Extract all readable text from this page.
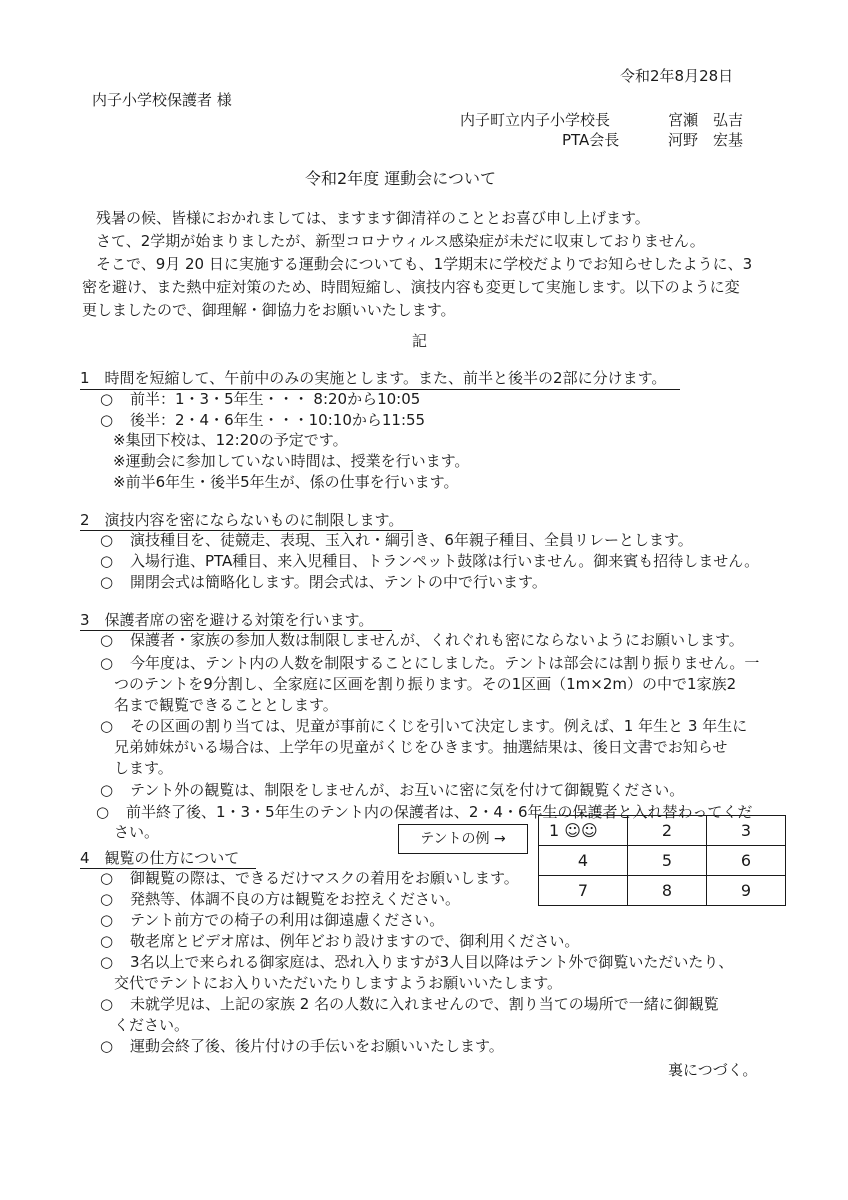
令和2年8月28日
内子小学校保護者 様
内子町立内子小学校長	宮瀬　弘吉
PTA会長	河野　宏基
令和2年度 運動会について
残暑の候、皆様におかれましては、ますます御清祥のこととお喜び申し上げます。
さて、2学期が始まりましたが、新型コロナウィルス感染症が未だに収束しておりません。
そこで、9月 20 日に実施する運動会についても、1学期末に学校だよりでお知らせしたように、3
密を避け、また熱中症対策のため、時間短縮し、演技内容も変更して実施します。以下のように変
更しましたので、御理解・御協力をお願いいたします。
記
1　時間を短縮して、午前中のみの実施とします。また、前半と後半の2部に分けます。
○ 前半：1・3・5年生・・・ 8:20から10:05
○ 後半：2・4・6年生・・・10:10から11:55
※集団下校は、12:20の予定です。
※運動会に参加していない時間は、授業を行います。
※前半6年生・後半5年生が、係の仕事を行います。
2　演技内容を密にならないものに制限します。
○ 演技種目を、徒競走、表現、玉入れ・綱引き、6年親子種目、全員リレーとします。
○ 入場行進、PTA種目、来入児種目、トランペット鼓隊は行いません。御来賓も招待しません。
○ 開閉会式は簡略化します。閉会式は、テントの中で行います。
3　保護者席の密を避ける対策を行います。
○ 保護者・家族の参加人数は制限しませんが、くれぐれも密にならないようにお願いします。
○ 今年度は、テント内の人数を制限することにしました。テントは部会には割り振りません。一
つのテントを9分割し、全家庭に区画を割り振ります。その1区画（1m×2m）の中で1家族2
名まで観覧できることとします。
○ その区画の割り当ては、児童が事前にくじを引いて決定します。例えば、1 年生と 3 年生に
兄弟姉妹がいる場合は、上学年の児童がくじをひきます。抽選結果は、後日文書でお知らせ
します。
○ テント外の観覧は、制限をしませんが、お互いに密に気を付けて御観覧ください。
○ 前半終了後、1・3・5年生のテント内の保護者は、2・4・6年生の保護者と入れ替わってくだ
さい。	テントの例 →	1 ☺☺	2	3
4	5	6
7	8	9
4　観覧の仕方について
○ 御観覧の際は、できるだけマスクの着用をお願いします。
○ 発熱等、体調不良の方は観覧をお控えください。
○ テント前方での椅子の利用は御遠慮ください。
○ 敬老席とビデオ席は、例年どおり設けますので、御利用ください。
○ 3名以上で来られる御家庭は、恐れ入りますが3人目以降はテント外で御覧いただいたり、
交代でテントにお入りいただいたりしますようお願いいたします。
○ 未就学児は、上記の家族 2 名の人数に入れませんので、割り当ての場所で一緒に御観覧
ください。
○ 運動会終了後、後片付けの手伝いをお願いいたします。
裏につづく。
